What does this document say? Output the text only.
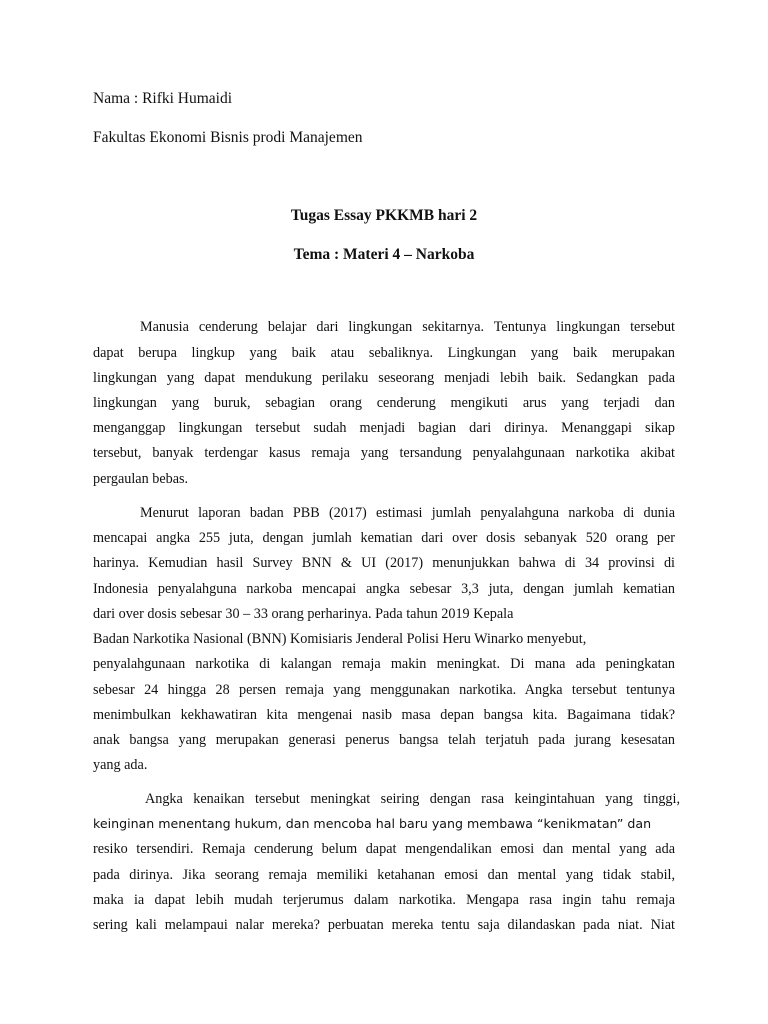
Nama : Rifki Humaidi
Fakultas Ekonomi Bisnis prodi Manajemen
Tugas Essay PKKMB hari 2
Tema : Materi 4 – Narkoba
Manusia cenderung belajar dari lingkungan sekitarnya. Tentunya lingkungan tersebut
dapat berupa lingkup yang baik atau sebaliknya. Lingkungan yang baik merupakan
lingkungan yang dapat mendukung perilaku seseorang menjadi lebih baik. Sedangkan pada
lingkungan yang buruk, sebagian orang cenderung mengikuti arus yang terjadi dan
menganggap lingkungan tersebut sudah menjadi bagian dari dirinya. Menanggapi sikap
tersebut, banyak terdengar kasus remaja yang tersandung penyalahgunaan narkotika akibat
pergaulan bebas.
Menurut laporan badan PBB (2017) estimasi jumlah penyalahguna narkoba di dunia
mencapai angka 255 juta, dengan jumlah kematian dari over dosis sebanyak 520 orang per
harinya. Kemudian hasil Survey BNN & UI (2017) menunjukkan bahwa di 34 provinsi di
Indonesia penyalahguna narkoba mencapai angka sebesar 3,3 juta, dengan jumlah kematian
dari over dosis sebesar 30 – 33 orang perharinya. Pada tahun 2019 Kepala
Badan Narkotika Nasional (BNN) Komisiaris Jenderal Polisi Heru Winarko menyebut,
penyalahgunaan narkotika di kalangan remaja makin meningkat. Di mana ada peningkatan
sebesar 24 hingga 28 persen remaja yang menggunakan narkotika. Angka tersebut tentunya
menimbulkan kekhawatiran kita mengenai nasib masa depan bangsa kita. Bagaimana tidak?
anak bangsa yang merupakan generasi penerus bangsa telah terjatuh pada jurang kesesatan
yang ada.
Angka kenaikan tersebut meningkat seiring dengan rasa keingintahuan yang tinggi,
keinginan menentang hukum, dan mencoba hal baru yang membawa “kenikmatan” dan
resiko tersendiri. Remaja cenderung belum dapat mengendalikan emosi dan mental yang ada
pada dirinya. Jika seorang remaja memiliki ketahanan emosi dan mental yang tidak stabil,
maka ia dapat lebih mudah terjerumus dalam narkotika. Mengapa rasa ingin tahu remaja
sering kali melampaui nalar mereka? perbuatan mereka tentu saja dilandaskan pada niat. Niat
